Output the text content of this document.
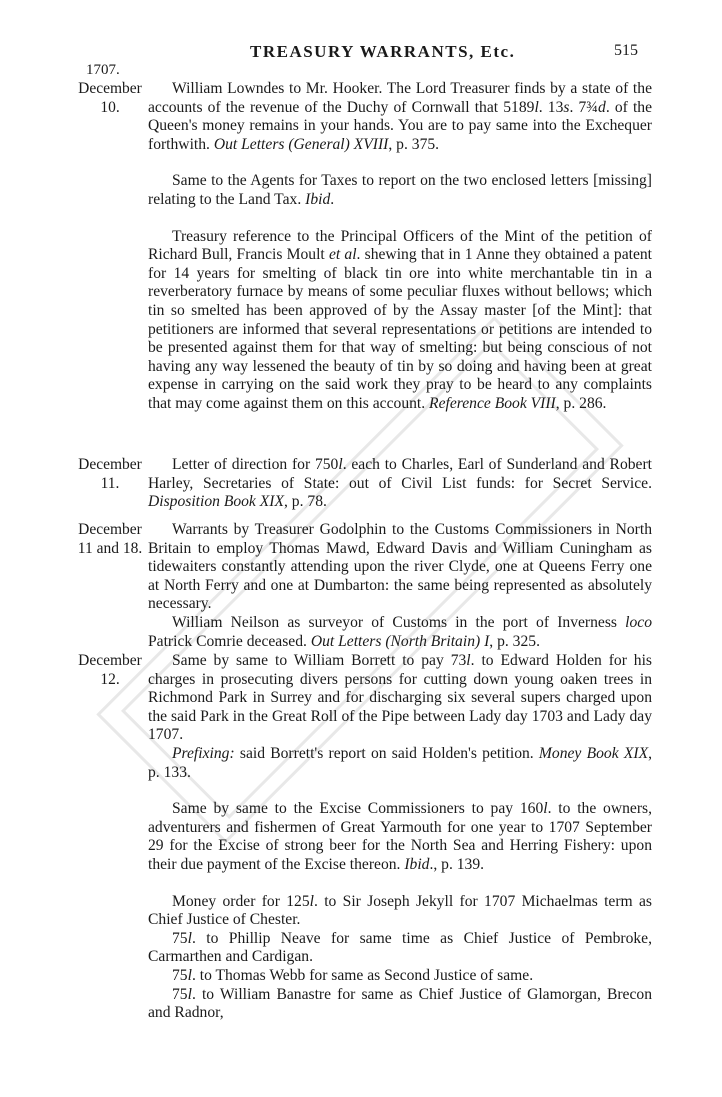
TREASURY WARRANTS, Etc.	515
1707.
December
10.

William Lowndes to Mr. Hooker. The Lord Treasurer finds by a state of the accounts of the revenue of the Duchy of Cornwall that 5189l. 13s. 7¾d. of the Queen's money remains in your hands. You are to pay same into the Exchequer forthwith. Out Letters (General) XVIII, p. 375.

Same to the Agents for Taxes to report on the two enclosed letters [missing] relating to the Land Tax. Ibid.

Treasury reference to the Principal Officers of the Mint of the petition of Richard Bull, Francis Moult et al. shewing that in 1 Anne they obtained a patent for 14 years for smelting of black tin ore into white merchantable tin in a reverberatory furnace by means of some peculiar fluxes without bellows; which tin so smelted has been approved of by the Assay master [of the Mint]: that petitioners are informed that several representations or petitions are intended to be presented against them for that way of smelting: but being conscious of not having any way lessened the beauty of tin by so doing and having been at great expense in carrying on the said work they pray to be heard to any complaints that may come against them on this account. Reference Book VIII, p. 286.

December
11.

Letter of direction for 750l. each to Charles, Earl of Sunderland and Robert Harley, Secretaries of State: out of Civil List funds: for Secret Service. Disposition Book XIX, p. 78.

December
11 and 18.

Warrants by Treasurer Godolphin to the Customs Commissioners in North Britain to employ Thomas Mawd, Edward Davis and William Cuningham as tidewaiters constantly attending upon the river Clyde, one at Queens Ferry one at North Ferry and one at Dumbarton: the same being represented as absolutely necessary.

William Neilson as surveyor of Customs in the port of Inverness loco Patrick Comrie deceased. Out Letters (North Britain) I, p. 325.

December
12.

Same by same to William Borrett to pay 73l. to Edward Holden for his charges in prosecuting divers persons for cutting down young oaken trees in Richmond Park in Surrey and for discharging six several supers charged upon the said Park in the Great Roll of the Pipe between Lady day 1703 and Lady day 1707.

Prefixing: said Borrett's report on said Holden's petition. Money Book XIX, p. 133.

Same by same to the Excise Commissioners to pay 160l. to the owners, adventurers and fishermen of Great Yarmouth for one year to 1707 September 29 for the Excise of strong beer for the North Sea and Herring Fishery: upon their due payment of the Excise thereon. Ibid., p. 139.

Money order for 125l. to Sir Joseph Jekyll for 1707 Michaelmas term as Chief Justice of Chester.

75l. to Phillip Neave for same time as Chief Justice of Pembroke, Carmarthen and Cardigan.

75l. to Thomas Webb for same as Second Justice of same.

75l. to William Banastre for same as Chief Justice of Glamorgan, Brecon and Radnor,
